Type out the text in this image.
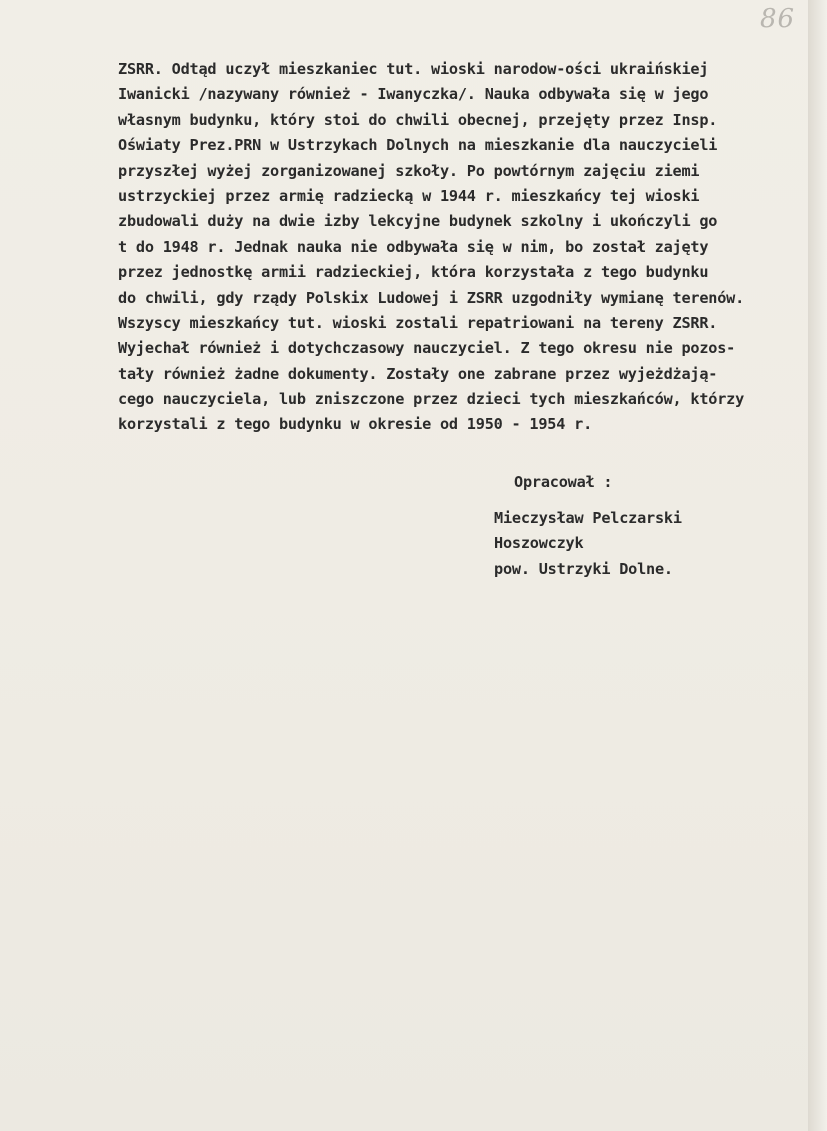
86
ZSRR. Odtąd uczył mieszkaniec tut. wioski narodow-ości ukraińskiej
Iwanicki /nazywany również - Iwanyczka/. Nauka odbywała się w jego
własnym budynku, który stoi do chwili obecnej, przejęty przez Insp.
Oświaty Prez.PRN w Ustrzykach Dolnych na mieszkanie dla nauczycieli
przyszłej wyżej zorganizowanej szkoły. Po powtórnym zajęciu ziemi
ustrzyckiej przez armię radziecką w 1944 r. mieszkańcy tej wioski
zbudowali duży na dwie izby lekcyjne budynek szkolny i ukończyli go
t do 1948 r. Jednak nauka nie odbywała się w nim, bo został zajęty
przez jednostkę armii radzieckiej, która korzystała z tego budynku
do chwili, gdy rządy Polskix Ludowej i ZSRR uzgodniły wymianę terenów.
Wszyscy mieszkańcy tut. wioski zostali repatriowani na tereny ZSRR.
Wyjechał również i dotychczasowy nauczyciel. Z tego okresu nie pozos-
tały również żadne dokumenty. Zostały one zabrane przez wyjeżdżają-
cego nauczyciela, lub zniszczone przez dzieci tych mieszkańców, którzy
korzystali z tego budynku w okresie od 1950 - 1954 r.
Opracował :
Mieczysław Pelczarski
Hoszowczyk
pow. Ustrzyki Dolne.
